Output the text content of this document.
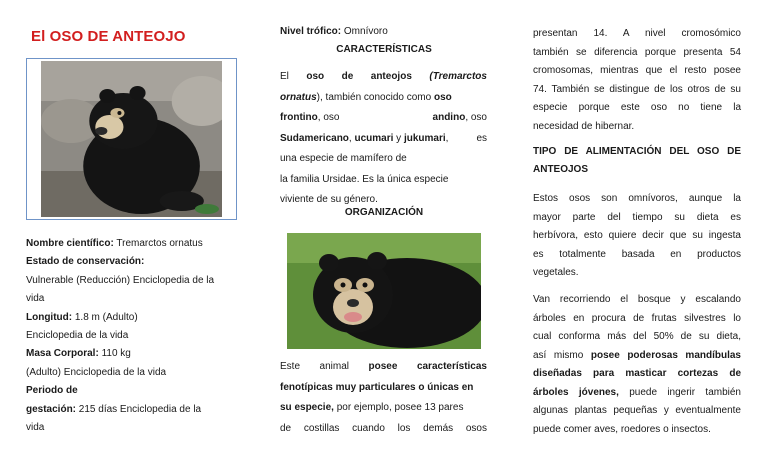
El OSO DE ANTEOJO
Nombre científico: Tremarctos ornatus
Estado de conservación:
Vulnerable (Reducción) Enciclopedia de la
vida
Longitud: 1.8 m (Adulto)
Enciclopedia de la vida
Masa Corporal: 110 kg
(Adulto) Enciclopedia de la vida
Periodo de
gestación: 215 días Enciclopedia de la
vida
Nivel trófico: Omnívoro
CARACTERÍSTICAS
El oso de anteojos (Tremarctos
ornatus), también conocido como oso
frontino, oso	andino, oso
Sudamericano, ucumari y jukumari,	es
una especie de mamífero de
la familia Ursidae. Es la única especie
viviente de su género.
ORGANIZACIÓN
Este animal posee características
fenotípicas muy particulares o únicas en
su especie, por ejemplo, posee 13 pares
de costillas cuando los demás osos
presentan 14. A nivel cromosómico
también se diferencia porque presenta 54
cromosomas, mientras que el resto posee
74. También se distingue de los otros de su
especie porque este oso no tiene la
necesidad de hibernar.
TIPO DE ALIMENTACIÓN DEL OSO DE
ANTEOJOS
Estos osos son omnívoros, aunque la
mayor parte del tiempo su dieta es
herbívora, esto quiere decir que su ingesta
es totalmente basada en productos
vegetales.
Van recorriendo el bosque y escalando
árboles en procura de frutas silvestres lo
cual conforma más del 50% de su dieta,
así mismo posee poderosas mandíbulas
diseñadas para masticar cortezas de
árboles jóvenes, puede ingerir también
algunas plantas pequeñas y eventualmente
puede comer aves, roedores o insectos.
